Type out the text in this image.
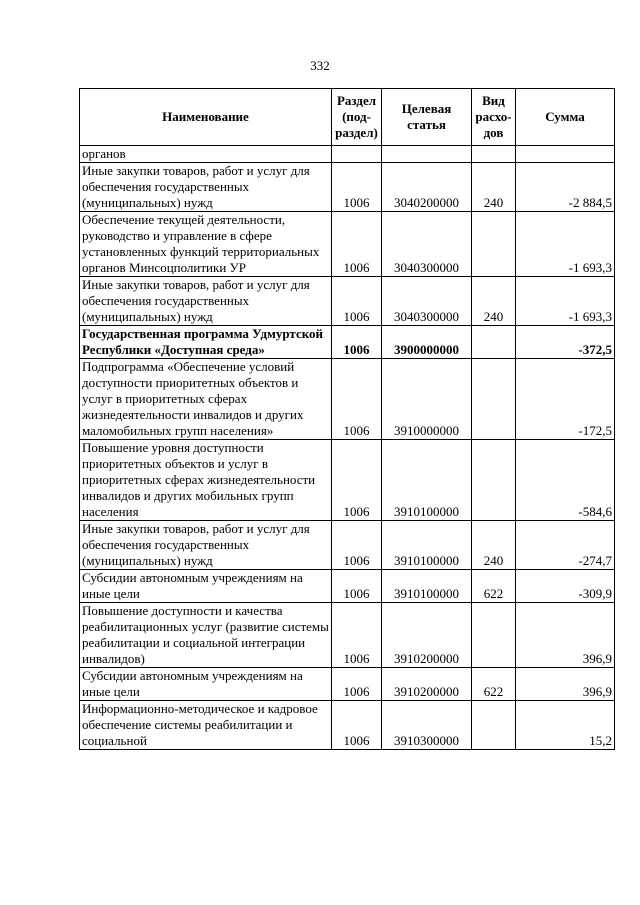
332
Наименование	Раздел (под-раздел)	Целевая статья	Вид расхо-дов	Сумма
органов				
Иные закупки товаров, работ и услуг для обеспечения государственных (муниципальных) нужд	1006	3040200000	240	-2 884,5
Обеспечение текущей деятельности, руководство и управление в сфере установленных функций территориальных органов Минсоцполитики УР	1006	3040300000		-1 693,3
Иные закупки товаров, работ и услуг для обеспечения государственных (муниципальных) нужд	1006	3040300000	240	-1 693,3
Государственная программа Удмуртской Республики «Доступная среда»	1006	3900000000		-372,5
Подпрограмма «Обеспечение условий доступности приоритетных объектов и услуг в приоритетных сферах жизнедеятельности инвалидов и других маломобильных групп населения»	1006	3910000000		-172,5
Повышение уровня доступности приоритетных объектов и услуг в приоритетных сферах жизнедеятельности инвалидов и других мобильных групп населения	1006	3910100000		-584,6
Иные закупки товаров, работ и услуг для обеспечения государственных (муниципальных) нужд	1006	3910100000	240	-274,7
Субсидии автономным учреждениям на иные цели	1006	3910100000	622	-309,9
Повышение доступности и качества реабилитационных услуг (развитие системы реабилитации и социальной интеграции инвалидов)	1006	3910200000		396,9
Субсидии автономным учреждениям на иные цели	1006	3910200000	622	396,9
Информационно-методическое и кадровое обеспечение системы реабилитации и социальной	1006	3910300000		15,2
